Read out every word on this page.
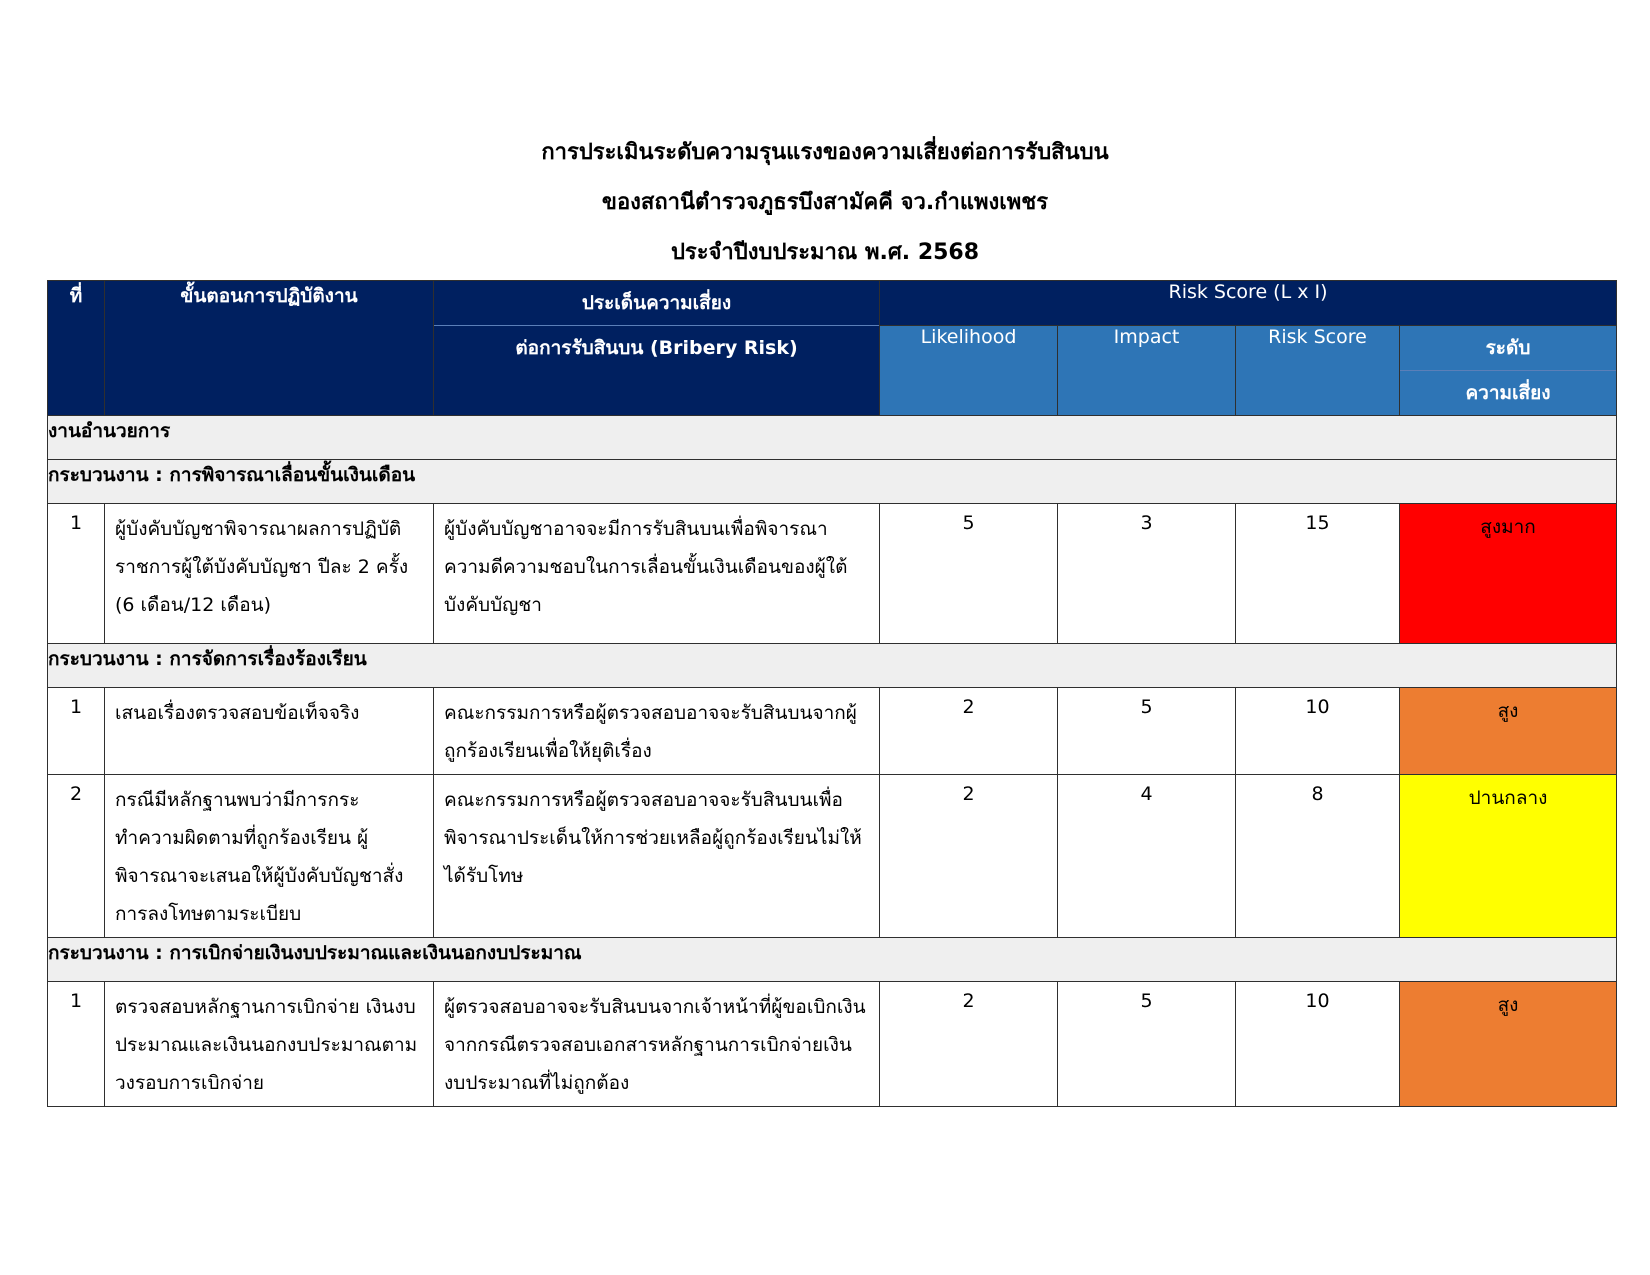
การประเมินระดับความรุนแรงของความเสี่ยงต่อการรับสินบน
ของสถานีตำรวจภูธรบึงสามัคคี จว.กำแพงเพชร
ประจำปีงบประมาณ พ.ศ. 2568
ที่	ขั้นตอนการปฏิบัติงาน	ประเด็นความเสี่ยง
ต่อการรับสินบน (Bribery Risk)	Risk Score (L x I)			
			Likelihood	Impact	Risk Score	ระดับ
ความเสี่ยง

งานอำนวยการ						
กระบวนงาน : การพิจารณาเลื่อนขั้นเงินเดือน						
1	ผู้บังคับบัญชาพิจารณาผลการปฏิบัติราชการผู้ใต้บังคับบัญชา ปีละ 2 ครั้ง (6 เดือน/12 เดือน)	ผู้บังคับบัญชาอาจจะมีการรับสินบนเพื่อพิจารณาความดีความชอบในการเลื่อนขั้นเงินเดือนของผู้ใต้บังคับบัญชา	5	3	15	สูงมาก
กระบวนงาน : การจัดการเรื่องร้องเรียน						
1	เสนอเรื่องตรวจสอบข้อเท็จจริง	คณะกรรมการหรือผู้ตรวจสอบอาจจะรับสินบนจากผู้ถูกร้องเรียนเพื่อให้ยุติเรื่อง	2	5	10	สูง
2	กรณีมีหลักฐานพบว่ามีการกระทำความผิดตามที่ถูกร้องเรียน ผู้พิจารณาจะเสนอให้ผู้บังคับบัญชาสั่งการลงโทษตามระเบียบ	คณะกรรมการหรือผู้ตรวจสอบอาจจะรับสินบนเพื่อพิจารณาประเด็นให้การช่วยเหลือผู้ถูกร้องเรียนไม่ให้ได้รับโทษ	2	4	8	ปานกลาง
กระบวนงาน : การเบิกจ่ายเงินงบประมาณและเงินนอกงบประมาณ						
1	ตรวจสอบหลักฐานการเบิกจ่าย เงินงบประมาณและเงินนอกงบประมาณตามวงรอบการเบิกจ่าย	ผู้ตรวจสอบอาจจะรับสินบนจากเจ้าหน้าที่ผู้ขอเบิกเงิน จากกรณีตรวจสอบเอกสารหลักฐานการเบิกจ่ายเงินงบประมาณที่ไม่ถูกต้อง	2	5	10	สูง
